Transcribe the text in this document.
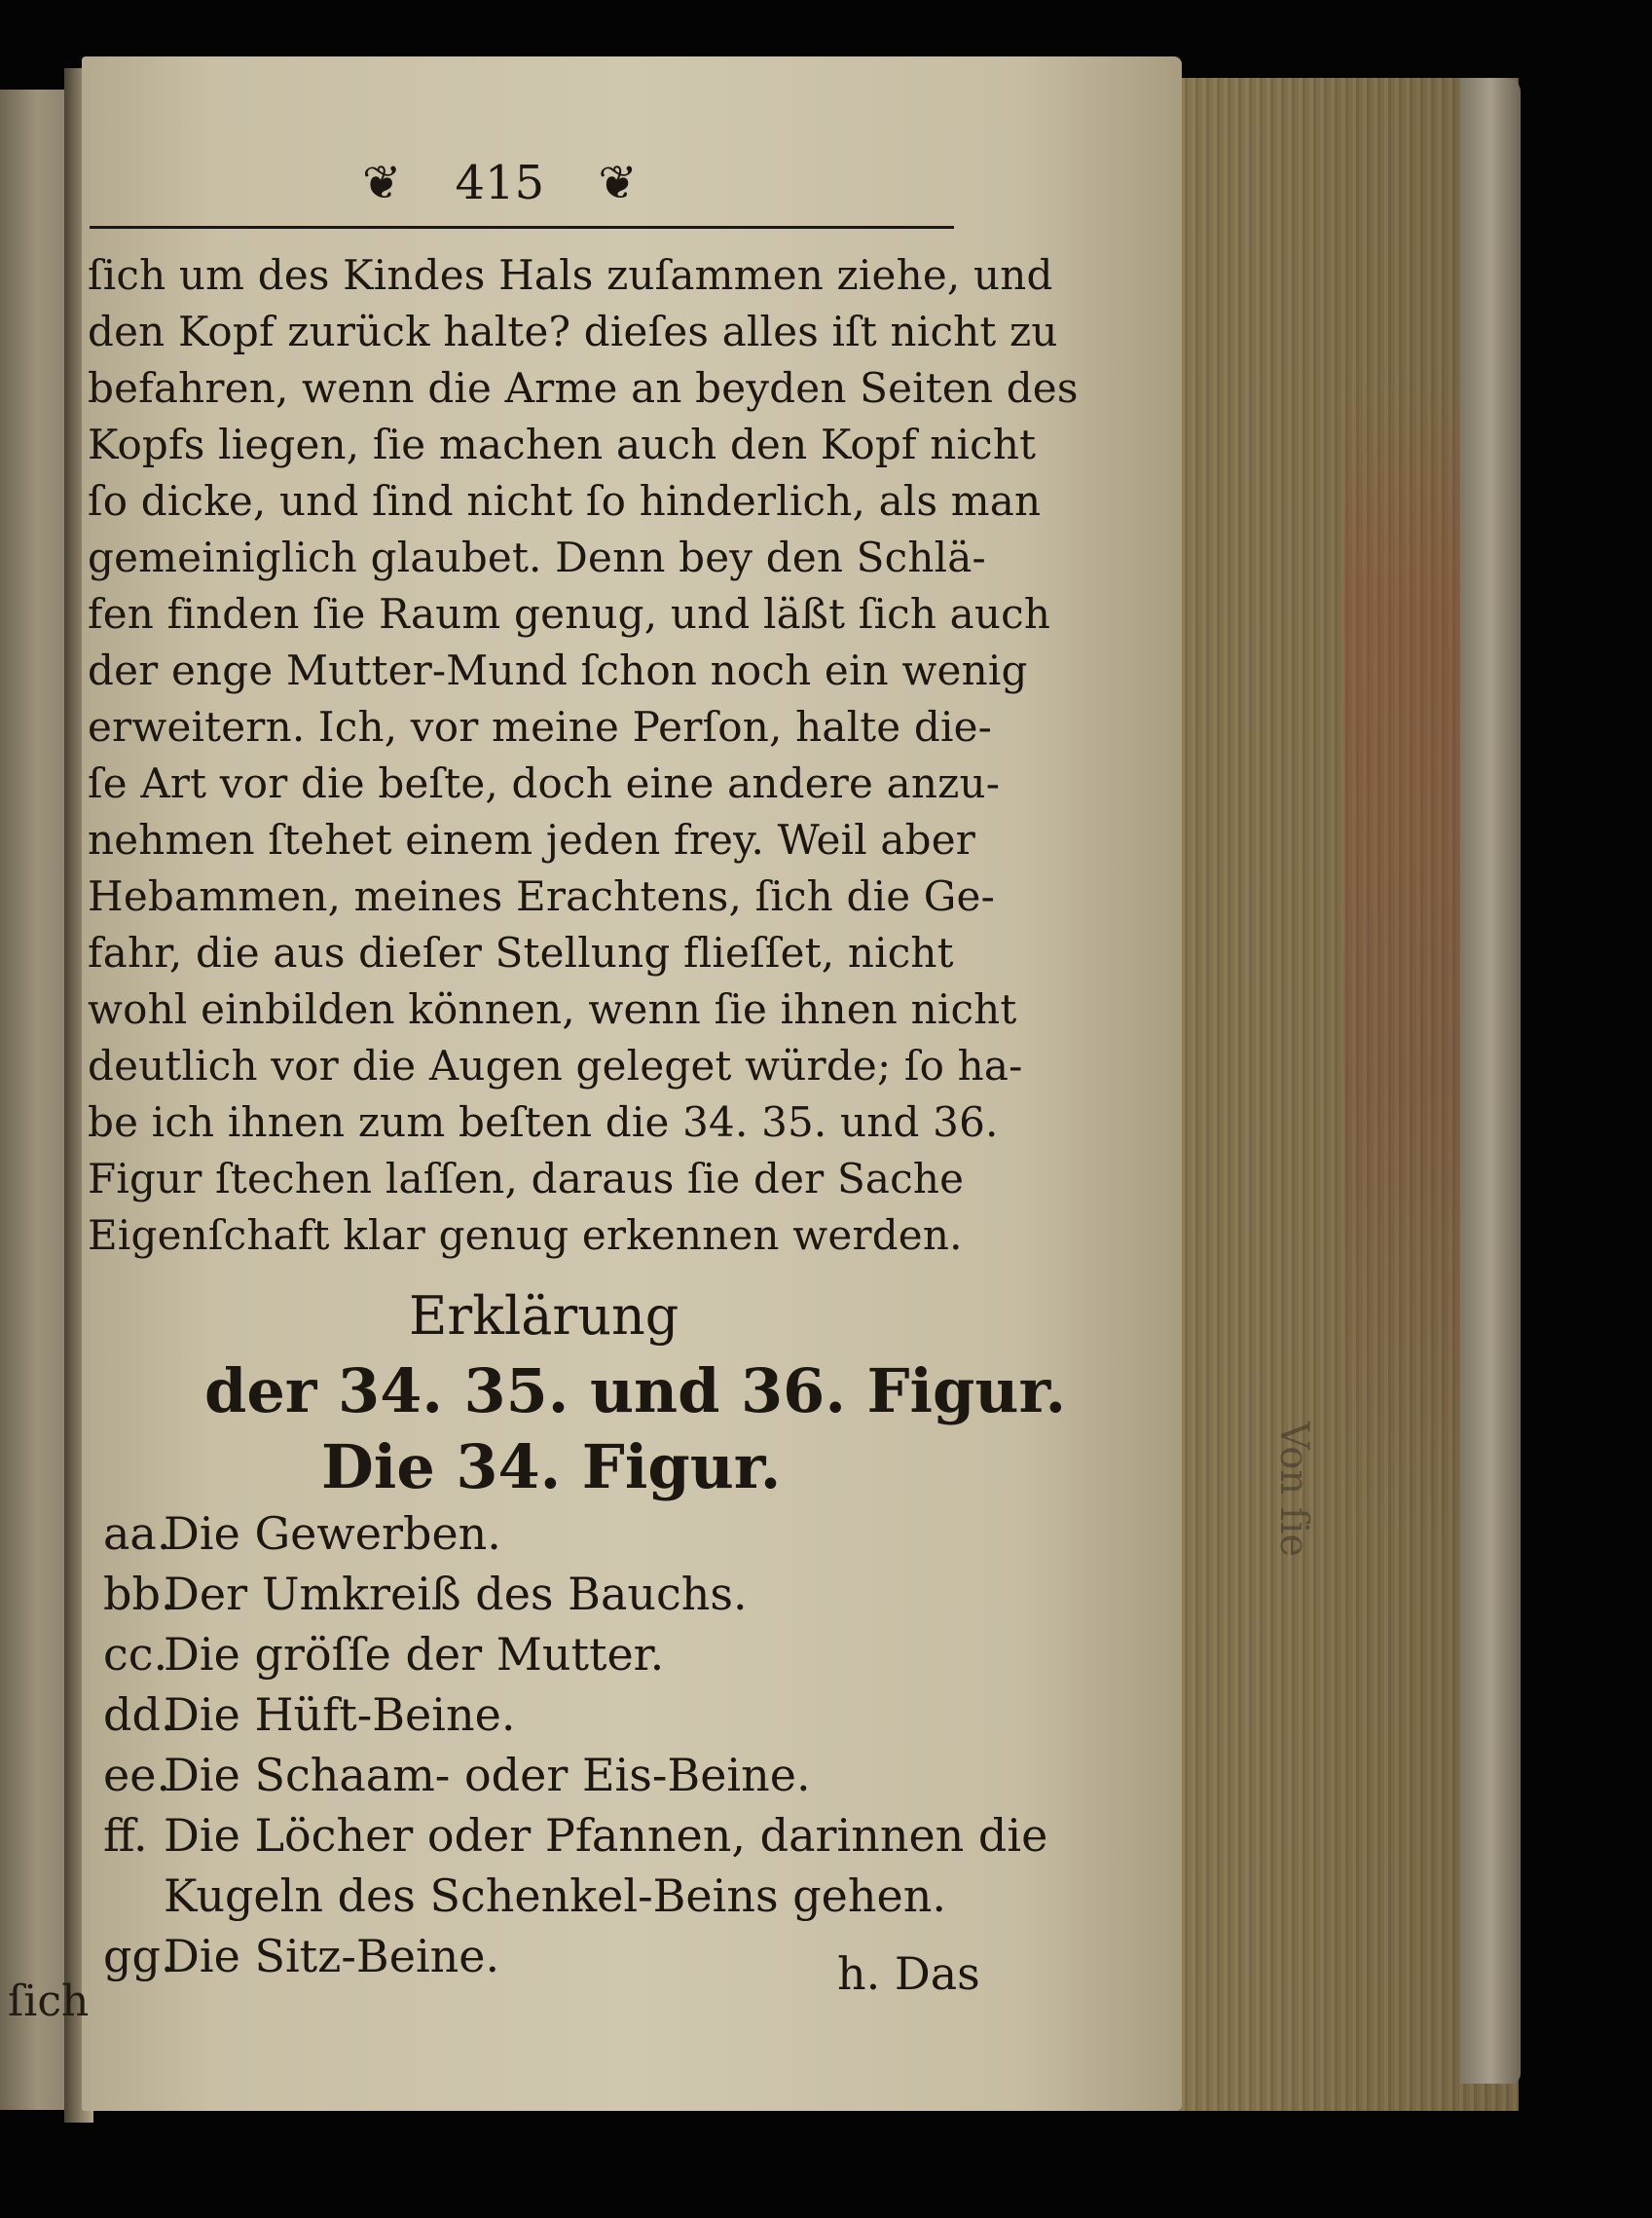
❦ 415 ❦
ſich um des Kindes Hals zuſammen ziehe, und
den Kopf zurück halte? dieſes alles iſt nicht zu
befahren, wenn die Arme an beyden Seiten des
Kopfs liegen, ſie machen auch den Kopf nicht
ſo dicke, und ſind nicht ſo hinderlich, als man
gemeiniglich glaubet. Denn bey den Schlä-
fen finden ſie Raum genug, und läßt ſich auch
der enge Mutter-Mund ſchon noch ein wenig
erweitern. Ich, vor meine Perſon, halte die-
ſe Art vor die beſte, doch eine andere anzu-
nehmen ſtehet einem jeden frey. Weil aber
Hebammen, meines Erachtens, ſich die Ge-
fahr, die aus dieſer Stellung flieſſet, nicht
wohl einbilden können, wenn ſie ihnen nicht
deutlich vor die Augen geleget würde; ſo ha-
be ich ihnen zum beſten die 34. 35. und 36.
Figur ſtechen laſſen, daraus ſie der Sache
Eigenſchaft klar genug erkennen werden.
Erklärung
der 34. 35. und 36. Figur.
Die 34. Figur.
aa.Die Gewerben.
bb.Der Umkreiß des Bauchs.
cc.Die gröſſe der Mutter.
dd.Die Hüft-Beine.
ee.Die Schaam- oder Eis-Beine.
ff. Die Löcher oder Pfannen, darinnen die
Kugeln des Schenkel-Beins gehen.
gg.Die Sitz-Beine.	h. Das
ſich
Von ſie
